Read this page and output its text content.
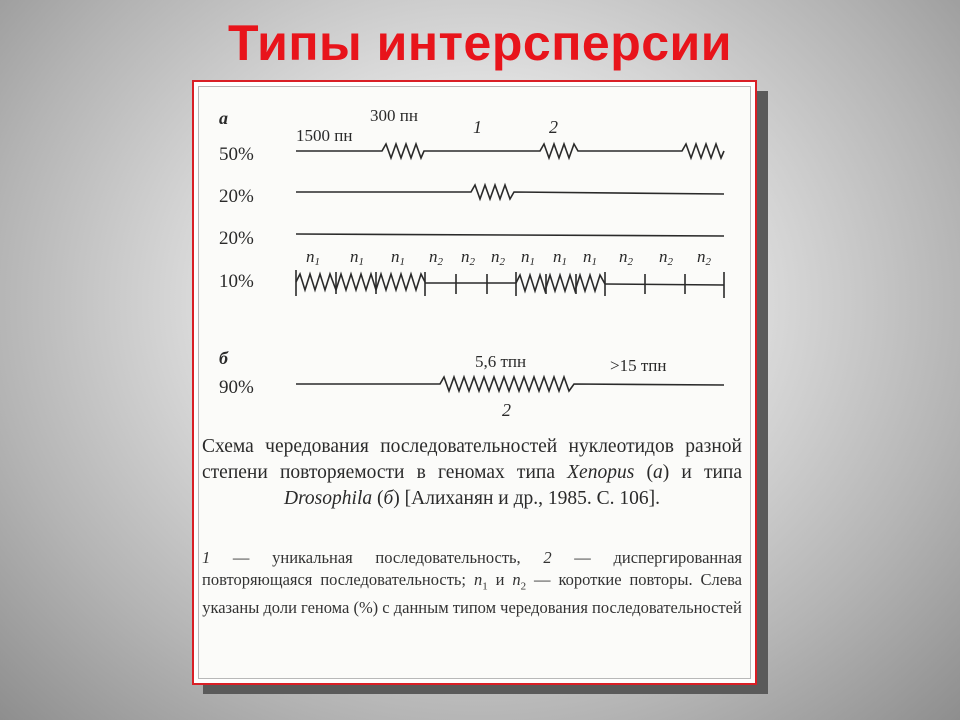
Типы интерсперсии
а
50%
20%
20%
10%
1500 пн
300 пн
1	2
n1 n1 n1 n2 n2 n2 n1 n1 n1 n2 n2 n2
б
90%
5,6 тпн	>15 тпн
2
Схема чередования последовательностей нуклеотидов разной степени повторяемости в геномах типа Xenopus (а) и типа Drosophila (б) [Алиханян и др., 1985. С. 106].
1 — уникальная последовательность, 2 — диспергированная повторяющаяся последовательность; $n_1$ и $n_2$ — короткие повторы. Слева указаны доли генома (%) с данным типом чередования последовательностей
